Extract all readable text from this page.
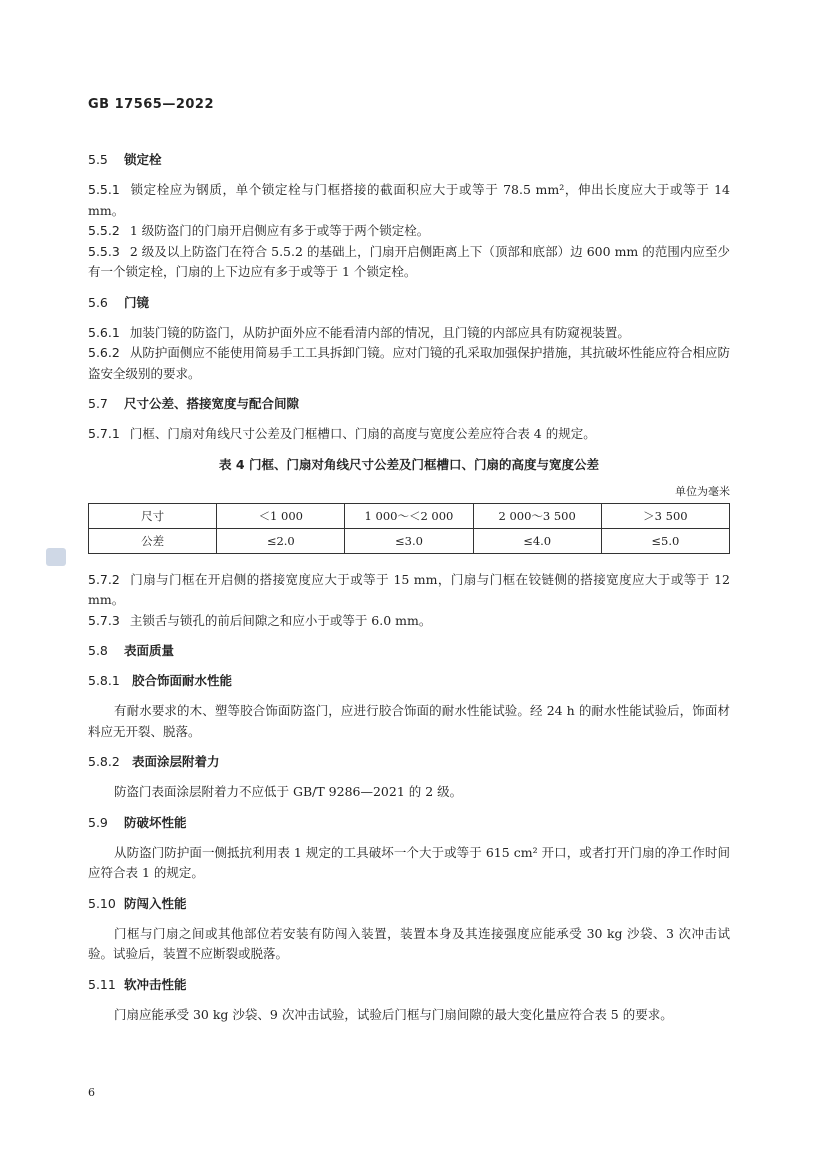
GB 17565—2022
5.5 锁定栓

5.5.1 锁定栓应为钢质，单个锁定栓与门框搭接的截面积应大于或等于 78.5 mm²，伸出长度应大于或等于 14 mm。

5.5.2 1 级防盗门的门扇开启侧应有多于或等于两个锁定栓。

5.5.3 2 级及以上防盗门在符合 5.5.2 的基础上，门扇开启侧距离上下（顶部和底部）边 600 mm 的范围内应至少有一个锁定栓，门扇的上下边应有多于或等于 1 个锁定栓。

5.6 门镜

5.6.1 加装门镜的防盗门，从防护面外应不能看清内部的情况，且门镜的内部应具有防窥视装置。

5.6.2 从防护面侧应不能使用简易手工工具拆卸门镜。应对门镜的孔采取加强保护措施，其抗破坏性能应符合相应防盗安全级别的要求。

5.7 尺寸公差、搭接宽度与配合间隙

5.7.1 门框、门扇对角线尺寸公差及门框槽口、门扇的高度与宽度公差应符合表 4 的规定。

表 4 门框、门扇对角线尺寸公差及门框槽口、门扇的高度与宽度公差
单位为毫米
尺寸	＜1 000	1 000～＜2 000	2 000～3 500	＞3 500
公差	≤2.0	≤3.0	≤4.0	≤5.0

5.7.2 门扇与门框在开启侧的搭接宽度应大于或等于 15 mm，门扇与门框在铰链侧的搭接宽度应大于或等于 12 mm。

5.7.3 主锁舌与锁孔的前后间隙之和应小于或等于 6.0 mm。

5.8 表面质量
5.8.1 胶合饰面耐水性能

有耐水要求的木、塑等胶合饰面防盗门，应进行胶合饰面的耐水性能试验。经 24 h 的耐水性能试验后，饰面材料应无开裂、脱落。

5.8.2 表面涂层附着力

防盗门表面涂层附着力不应低于 GB/T 9286—2021 的 2 级。

5.9 防破坏性能

从防盗门防护面一侧抵抗利用表 1 规定的工具破坏一个大于或等于 615 cm² 开口，或者打开门扇的净工作时间应符合表 1 的规定。

5.10 防闯入性能

门框与门扇之间或其他部位若安装有防闯入装置，装置本身及其连接强度应能承受 30 kg 沙袋、3 次冲击试验。试验后，装置不应断裂或脱落。

5.11 软冲击性能

门扇应能承受 30 kg 沙袋、9 次冲击试验，试验后门框与门扇间隙的最大变化量应符合表 5 的要求。

6
